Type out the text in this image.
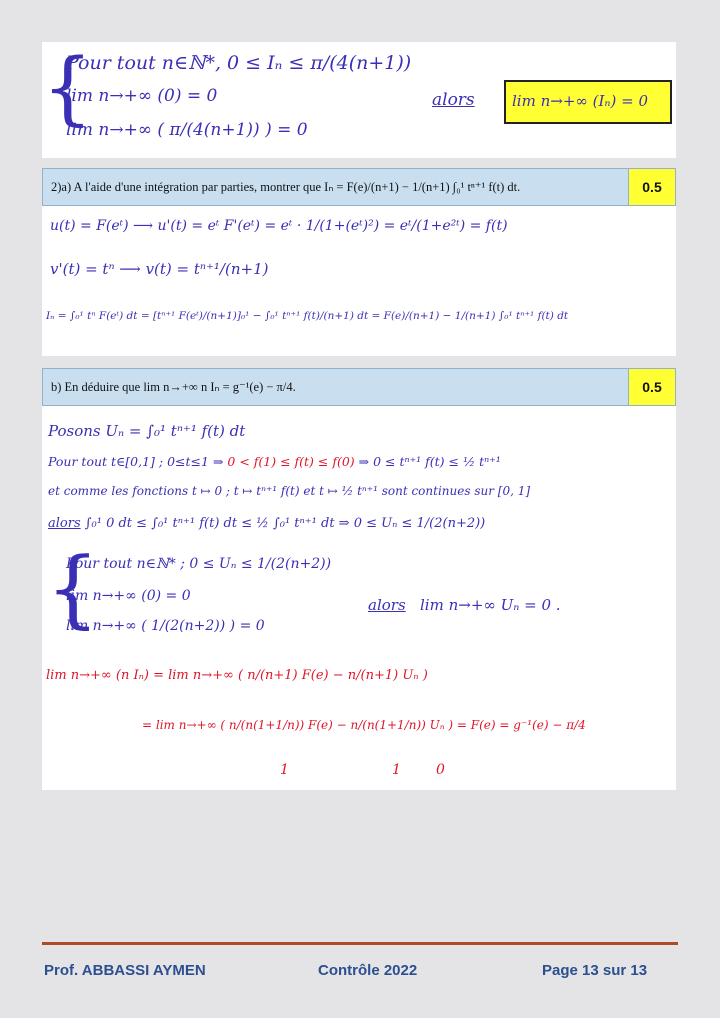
{
Pour tout n∈ℕ*, 0 ≤ Iₙ ≤ π/(4(n+1))
lim n→+∞ (0) = 0
lim n→+∞ ( π/(4(n+1)) ) = 0
alors lim n→+∞ (Iₙ) = 0
2)a) A l'aide d'une intégration par parties, montrer que Iₙ = F(e)/(n+1) − 1/(n+1) ∫₀¹ tⁿ⁺¹ f(t) dt.	0.5
u(t) = F(eᵗ) ⟶ u'(t) = eᵗ F'(eᵗ) = eᵗ · 1/(1+(eᵗ)²) = eᵗ/(1+e²ᵗ) = f(t)
v'(t) = tⁿ ⟶ v(t) = tⁿ⁺¹/(n+1)
Iₙ = ∫₀¹ tⁿ F(eᵗ) dt = [tⁿ⁺¹ F(eᵗ)/(n+1)]₀¹ − ∫₀¹ tⁿ⁺¹ f(t)/(n+1) dt = F(e)/(n+1) − 1/(n+1) ∫₀¹ tⁿ⁺¹ f(t) dt
b) En déduire que lim n→+∞ n Iₙ = g⁻¹(e) − π/4.	0.5
Posons Uₙ = ∫₀¹ tⁿ⁺¹ f(t) dt
Pour tout t∈[0,1] ; 0≤t≤1 ⇒ 0 < f(1) ≤ f(t) ≤ f(0) ⇒ 0 ≤ tⁿ⁺¹ f(t) ≤ ½ tⁿ⁺¹
et comme les fonctions t ↦ 0 ; t ↦ tⁿ⁺¹ f(t) et t ↦ ½ tⁿ⁺¹ sont continues sur [0, 1]
alors ∫₀¹ 0 dt ≤ ∫₀¹ tⁿ⁺¹ f(t) dt ≤ ½ ∫₀¹ tⁿ⁺¹ dt ⇒ 0 ≤ Uₙ ≤ 1/(2(n+2))
{
Pour tout n∈ℕ* ; 0 ≤ Uₙ ≤ 1/(2(n+2))
lim n→+∞ (0) = 0
lim n→+∞ ( 1/(2(n+2)) ) = 0
alors lim n→+∞ Uₙ = 0 .
lim n→+∞ (n Iₙ) = lim n→+∞ ( n/(n+1) F(e) − n/(n+1) Uₙ )
= lim n→+∞ ( n/(n(1+1/n)) F(e) − n/(n(1+1/n)) Uₙ ) = F(e) = g⁻¹(e) − π/4
1	1	0
Prof. ABBASSI AYMEN	Contrôle 2022	Page 13 sur 13
